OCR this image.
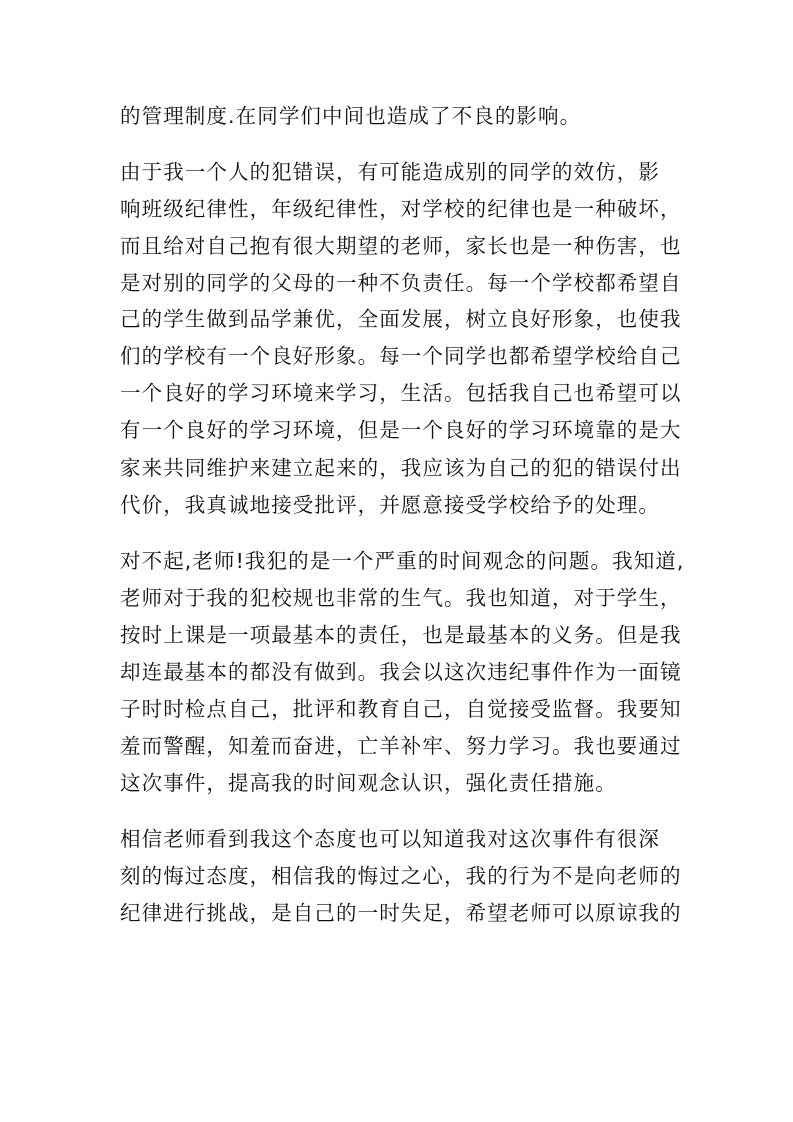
的管理制度.在同学们中间也造成了不良的影响。
由于我一个人的犯错误，有可能造成别的同学的效仿，影
响班级纪律性，年级纪律性，对学校的纪律也是一种破坏，
而且给对自己抱有很大期望的老师，家长也是一种伤害，也
是对别的同学的父母的一种不负责任。每一个学校都希望自
己的学生做到品学兼优，全面发展，树立良好形象，也使我
们的学校有一个良好形象。每一个同学也都希望学校给自己
一个良好的学习环境来学习，生活。包括我自己也希望可以
有一个良好的学习环境，但是一个良好的学习环境靠的是大
家来共同维护来建立起来的，我应该为自己的犯的错误付出
代价，我真诚地接受批评，并愿意接受学校给予的处理。
对不起,老师!我犯的是一个严重的时间观念的问题。我知道,
老师对于我的犯校规也非常的生气。我也知道，对于学生，
按时上课是一项最基本的责任，也是最基本的义务。但是我
却连最基本的都没有做到。我会以这次违纪事件作为一面镜
子时时检点自己，批评和教育自己，自觉接受监督。我要知
羞而警醒，知羞而奋进，亡羊补牢、努力学习。我也要通过
这次事件，提高我的时间观念认识，强化责任措施。
相信老师看到我这个态度也可以知道我对这次事件有很深
刻的悔过态度，相信我的悔过之心，我的行为不是向老师的
纪律进行挑战，是自己的一时失足，希望老师可以原谅我的
